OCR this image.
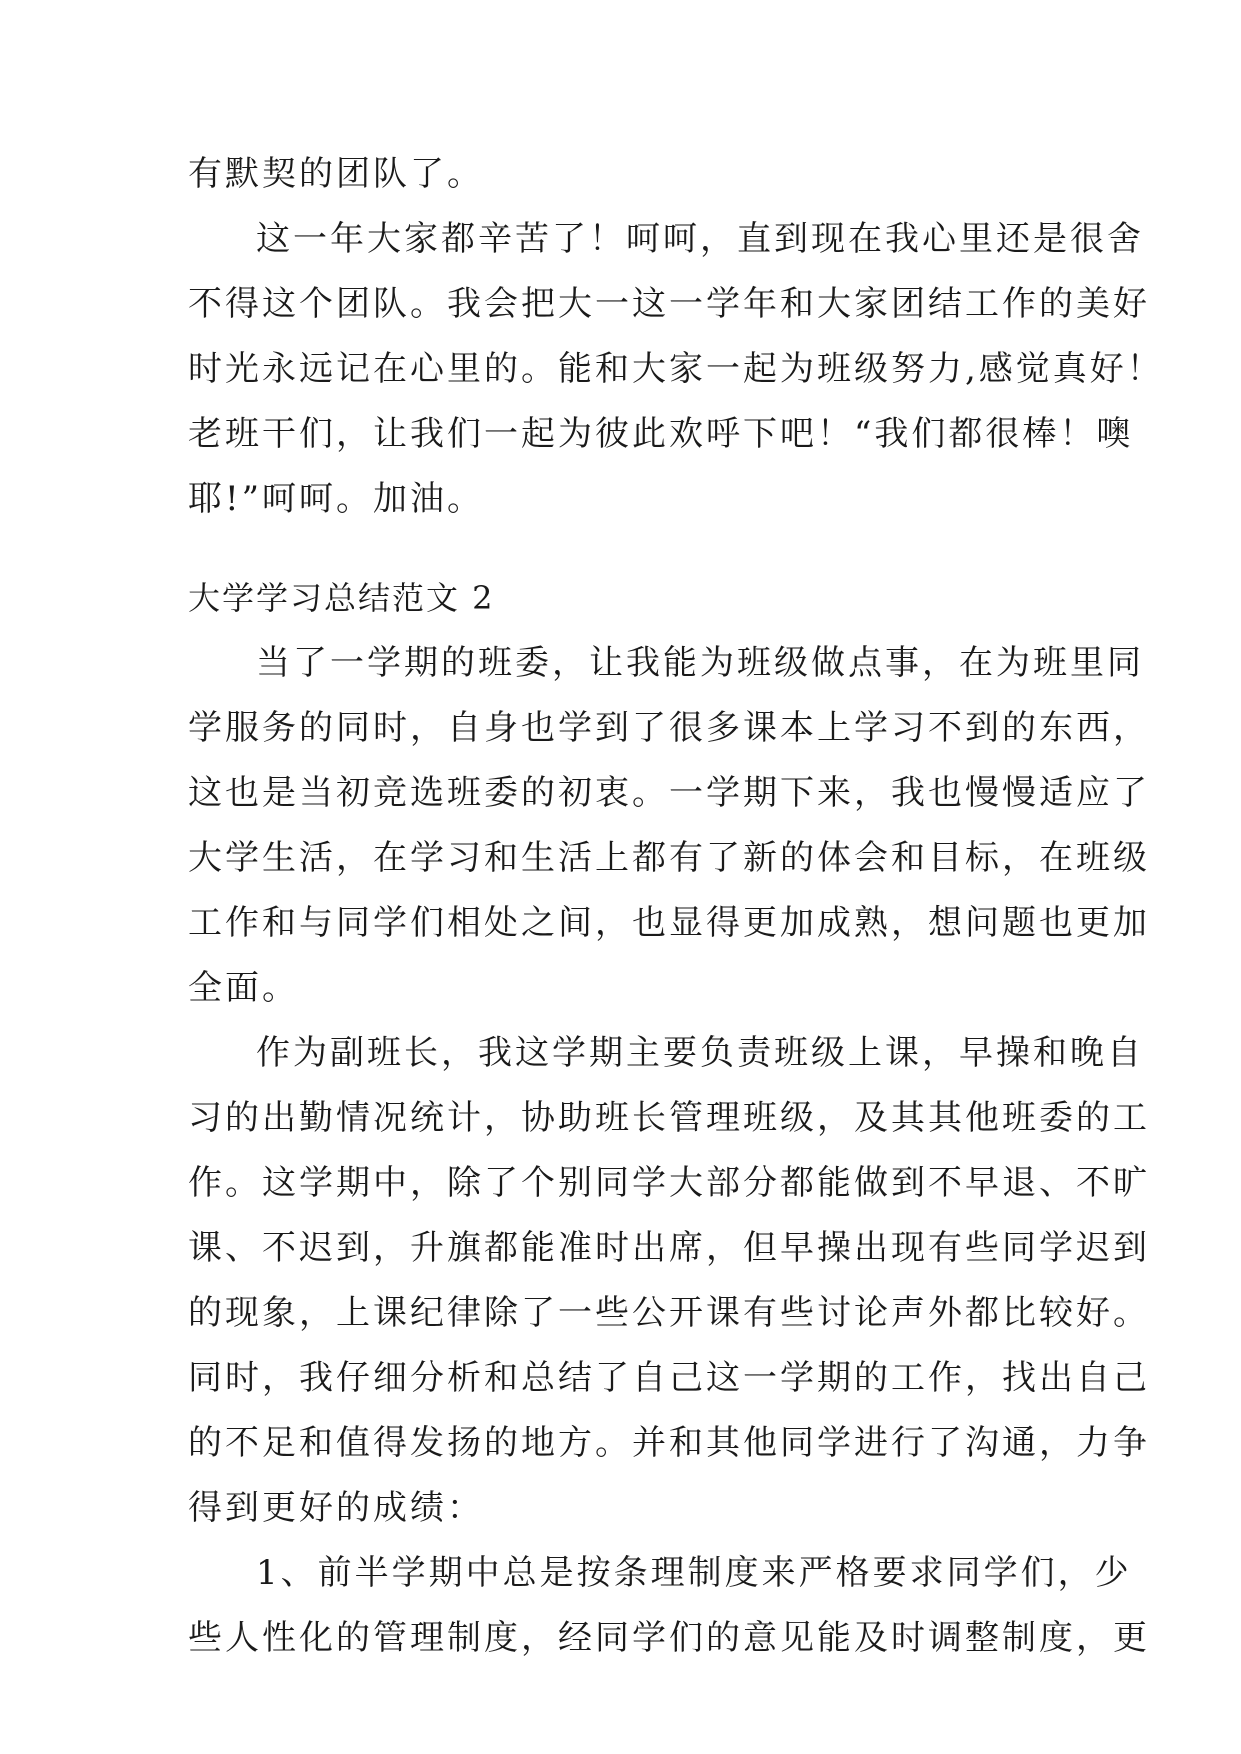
有默契的团队了。
这一年大家都辛苦了！呵呵，直到现在我心里还是很舍
不得这个团队。我会把大一这一学年和大家团结工作的美好
时光永远记在心里的。能和大家一起为班级努力,感觉真好！
老班干们，让我们一起为彼此欢呼下吧！“我们都很棒！噢
耶!”呵呵。加油。
大学学习总结范文 2
当了一学期的班委，让我能为班级做点事，在为班里同
学服务的同时，自身也学到了很多课本上学习不到的东西，
这也是当初竞选班委的初衷。一学期下来，我也慢慢适应了
大学生活，在学习和生活上都有了新的体会和目标，在班级
工作和与同学们相处之间，也显得更加成熟，想问题也更加
全面。
作为副班长，我这学期主要负责班级上课，早操和晚自
习的出勤情况统计，协助班长管理班级，及其其他班委的工
作。这学期中，除了个别同学大部分都能做到不早退、不旷
课、不迟到，升旗都能准时出席，但早操出现有些同学迟到
的现象，上课纪律除了一些公开课有些讨论声外都比较好。
同时，我仔细分析和总结了自己这一学期的工作，找出自己
的不足和值得发扬的地方。并和其他同学进行了沟通，力争
得到更好的成绩：
1、前半学期中总是按条理制度来严格要求同学们，少
些人性化的管理制度，经同学们的意见能及时调整制度，更
